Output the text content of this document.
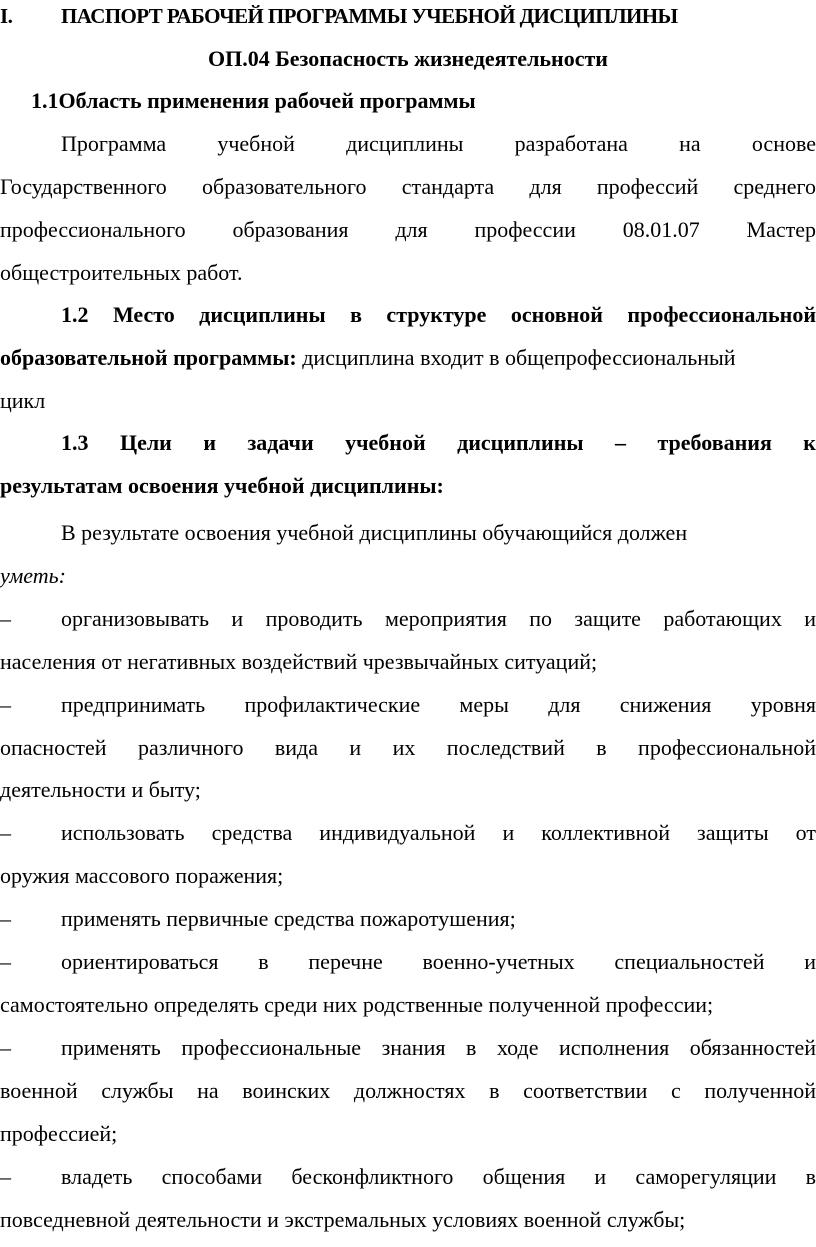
I. ПАСПОРТ РАБОЧЕЙ ПРОГРАММЫ УЧЕБНОЙ ДИСЦИПЛИНЫ
ОП.04 Безопасность жизнедеятельности
1.1Область применения рабочей программы
Программа учебной дисциплины разработана на основе
Государственного образовательного стандарта для профессий среднего
профессионального образования для профессии 08.01.07 Мастер
общестроительных работ.
1.2 Место дисциплины в структуре основной профессиональной
образовательной программы: дисциплина входит в общепрофессиональный
цикл
1.3 Цели и задачи учебной дисциплины – требования к
результатам освоения учебной дисциплины:
В результате освоения учебной дисциплины обучающийся должен
уметь:
– организовывать и проводить мероприятия по защите работающих и
населения от негативных воздействий чрезвычайных ситуаций;
– предпринимать профилактические меры для снижения уровня
опасностей различного вида и их последствий в профессиональной
деятельности и быту;
– использовать средства индивидуальной и коллективной защиты от
оружия массового поражения;
– применять первичные средства пожаротушения;
– ориентироваться в перечне военно-учетных специальностей и
самостоятельно определять среди них родственные полученной профессии;
– применять профессиональные знания в ходе исполнения обязанностей
военной службы на воинских должностях в соответствии с полученной
профессией;
– владеть способами бесконфликтного общения и саморегуляции в
повседневной деятельности и экстремальных условиях военной службы;
